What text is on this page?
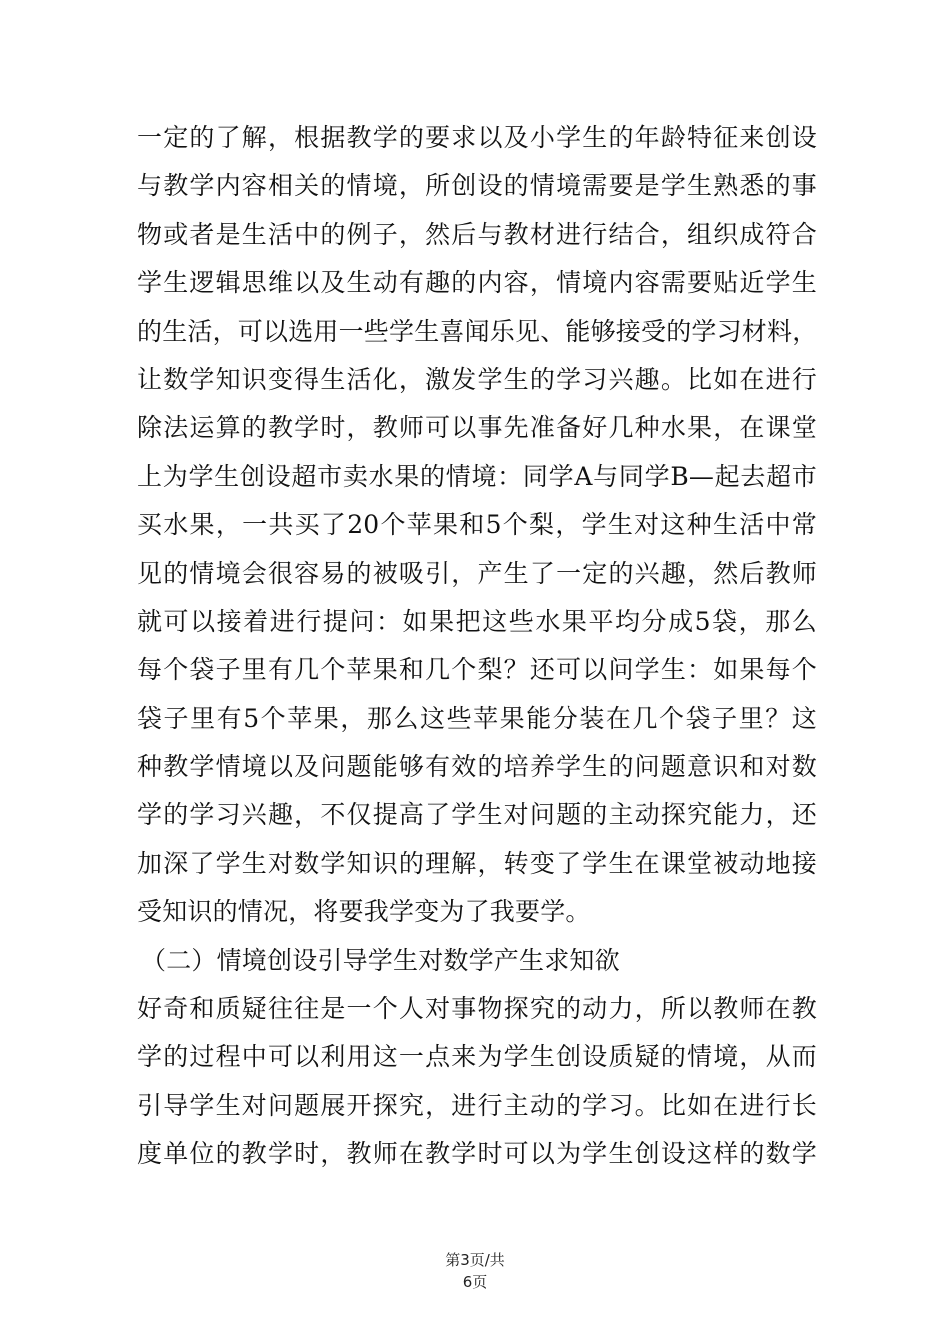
一定的了解，根据教学的要求以及小学生的年龄特征来创设
与教学内容相关的情境，所创设的情境需要是学生熟悉的事
物或者是生活中的例子，然后与教材进行结合，组织成符合
学生逻辑思维以及生动有趣的内容，情境内容需要贴近学生
的生活，可以选用一些学生喜闻乐见、能够接受的学习材料，
让数学知识变得生活化，激发学生的学习兴趣。比如在进行
除法运算的教学时，教师可以事先准备好几种水果，在课堂
上为学生创设超市卖水果的情境：同学A与同学B—起去超市
买水果，一共买了20个苹果和5个梨，学生对这种生活中常
见的情境会很容易的被吸引，产生了一定的兴趣，然后教师
就可以接着进行提问：如果把这些水果平均分成5袋，那么
每个袋子里有几个苹果和几个梨？还可以问学生：如果每个
袋子里有5个苹果，那么这些苹果能分装在几个袋子里？这
种教学情境以及问题能够有效的培养学生的问题意识和对数
学的学习兴趣，不仅提高了学生对问题的主动探究能力，还
加深了学生对数学知识的理解，转变了学生在课堂被动地接
受知识的情况，将要我学变为了我要学。
（二）情境创设引导学生对数学产生求知欲
好奇和质疑往往是一个人对事物探究的动力，所以教师在教
学的过程中可以利用这一点来为学生创设质疑的情境，从而
引导学生对问题展开探究，进行主动的学习。比如在进行长
度单位的教学时，教师在教学时可以为学生创设这样的数学
第3页/共
6页
